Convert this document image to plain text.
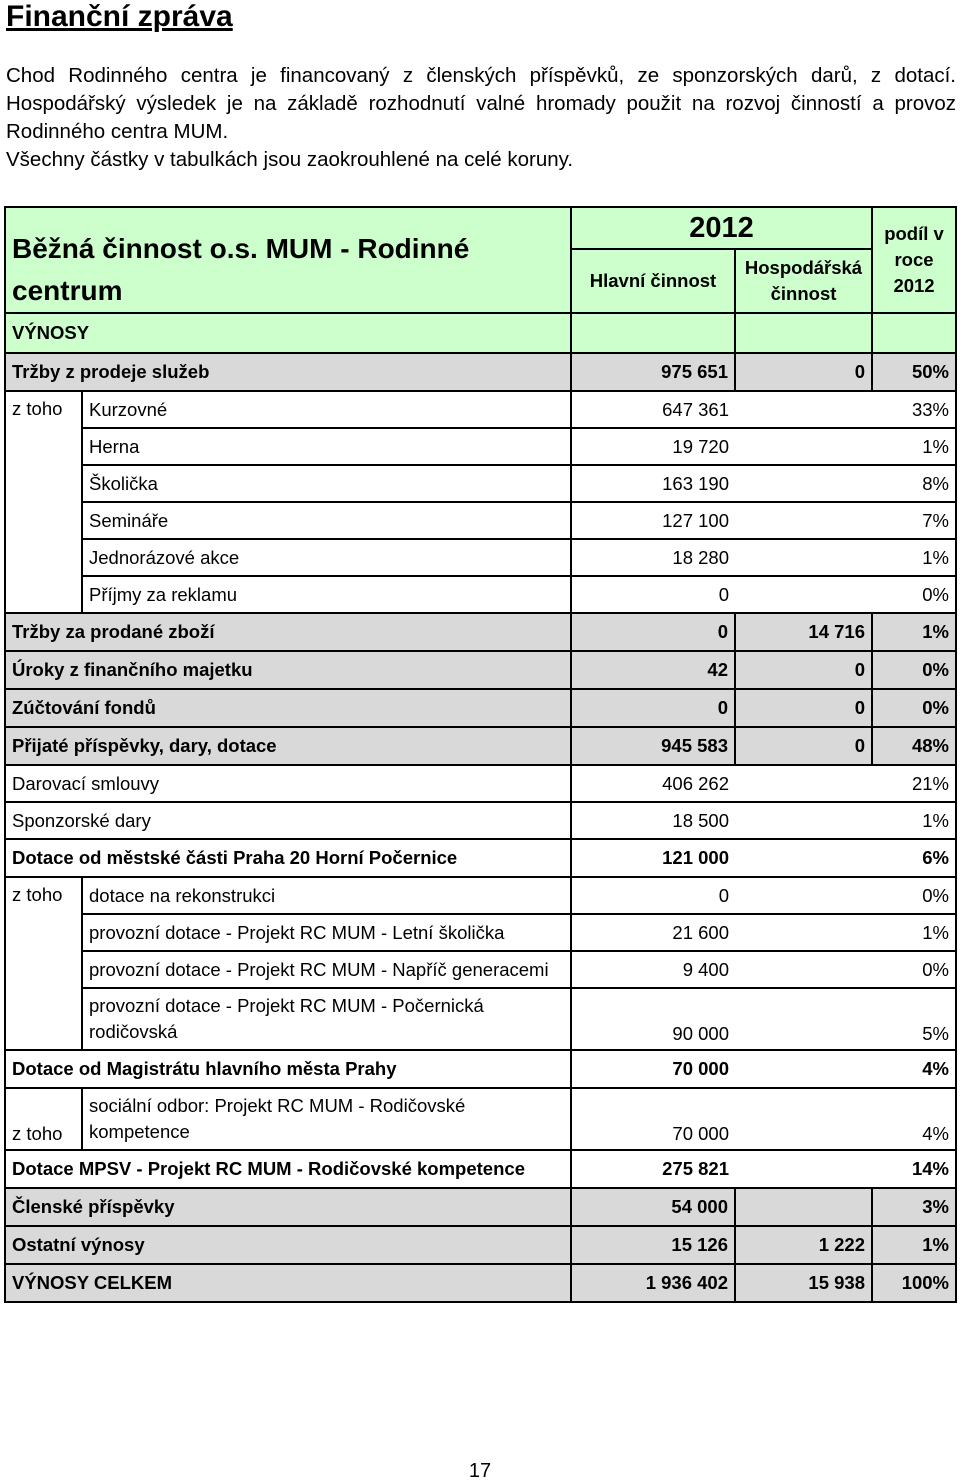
Finanční zpráva

Chod Rodinného centra je financovaný z členských příspěvků, ze sponzorských darů, z dotací. Hospodářský výsledek je na základě rozhodnutí valné hromady použit na rozvoj činností a provoz Rodinného centra MUM.

Všechny částky v tabulkách jsou zaokrouhlené na celé koruny.

Běžná činnost o.s. MUM - Rodinné centrum		2012		podíl v roce 2012
		Hlavní činnost	Hospodářská činnost	
VÝNOSY				
Tržby z prodeje služeb		975 651	0	50%
z toho	Kurzovné	647 361		33%
	Herna	19 720		1%
	Školička	163 190		8%
	Semináře	127 100		7%
	Jednorázové akce	18 280		1%
	Příjmy za reklamu	0		0%
Tržby za prodané zboží		0	14 716	1%
Úroky z finančního majetku		42	0	0%
Zúčtování fondů		0	0	0%
Přijaté příspěvky, dary, dotace		945 583	0	48%
Darovací smlouvy		406 262		21%
Sponzorské dary		18 500		1%
Dotace od městské části Praha 20 Horní Počernice		121 000		6%
z toho	dotace na rekonstrukci	0		0%
	provozní dotace - Projekt RC MUM - Letní školička	21 600		1%
	provozní dotace - Projekt RC MUM - Napříč generacemi	9 400		0%
	provozní dotace - Projekt RC MUM - Počernická rodičovská	90 000		5%
Dotace od Magistrátu hlavního města Prahy		70 000		4%
z toho	sociální odbor: Projekt RC MUM - Rodičovské kompetence	70 000		4%
Dotace MPSV - Projekt RC MUM - Rodičovské kompetence		275 821		14%
Členské příspěvky		54 000		3%
Ostatní výnosy		15 126	1 222	1%
VÝNOSY CELKEM		1 936 402	15 938	100%
17
